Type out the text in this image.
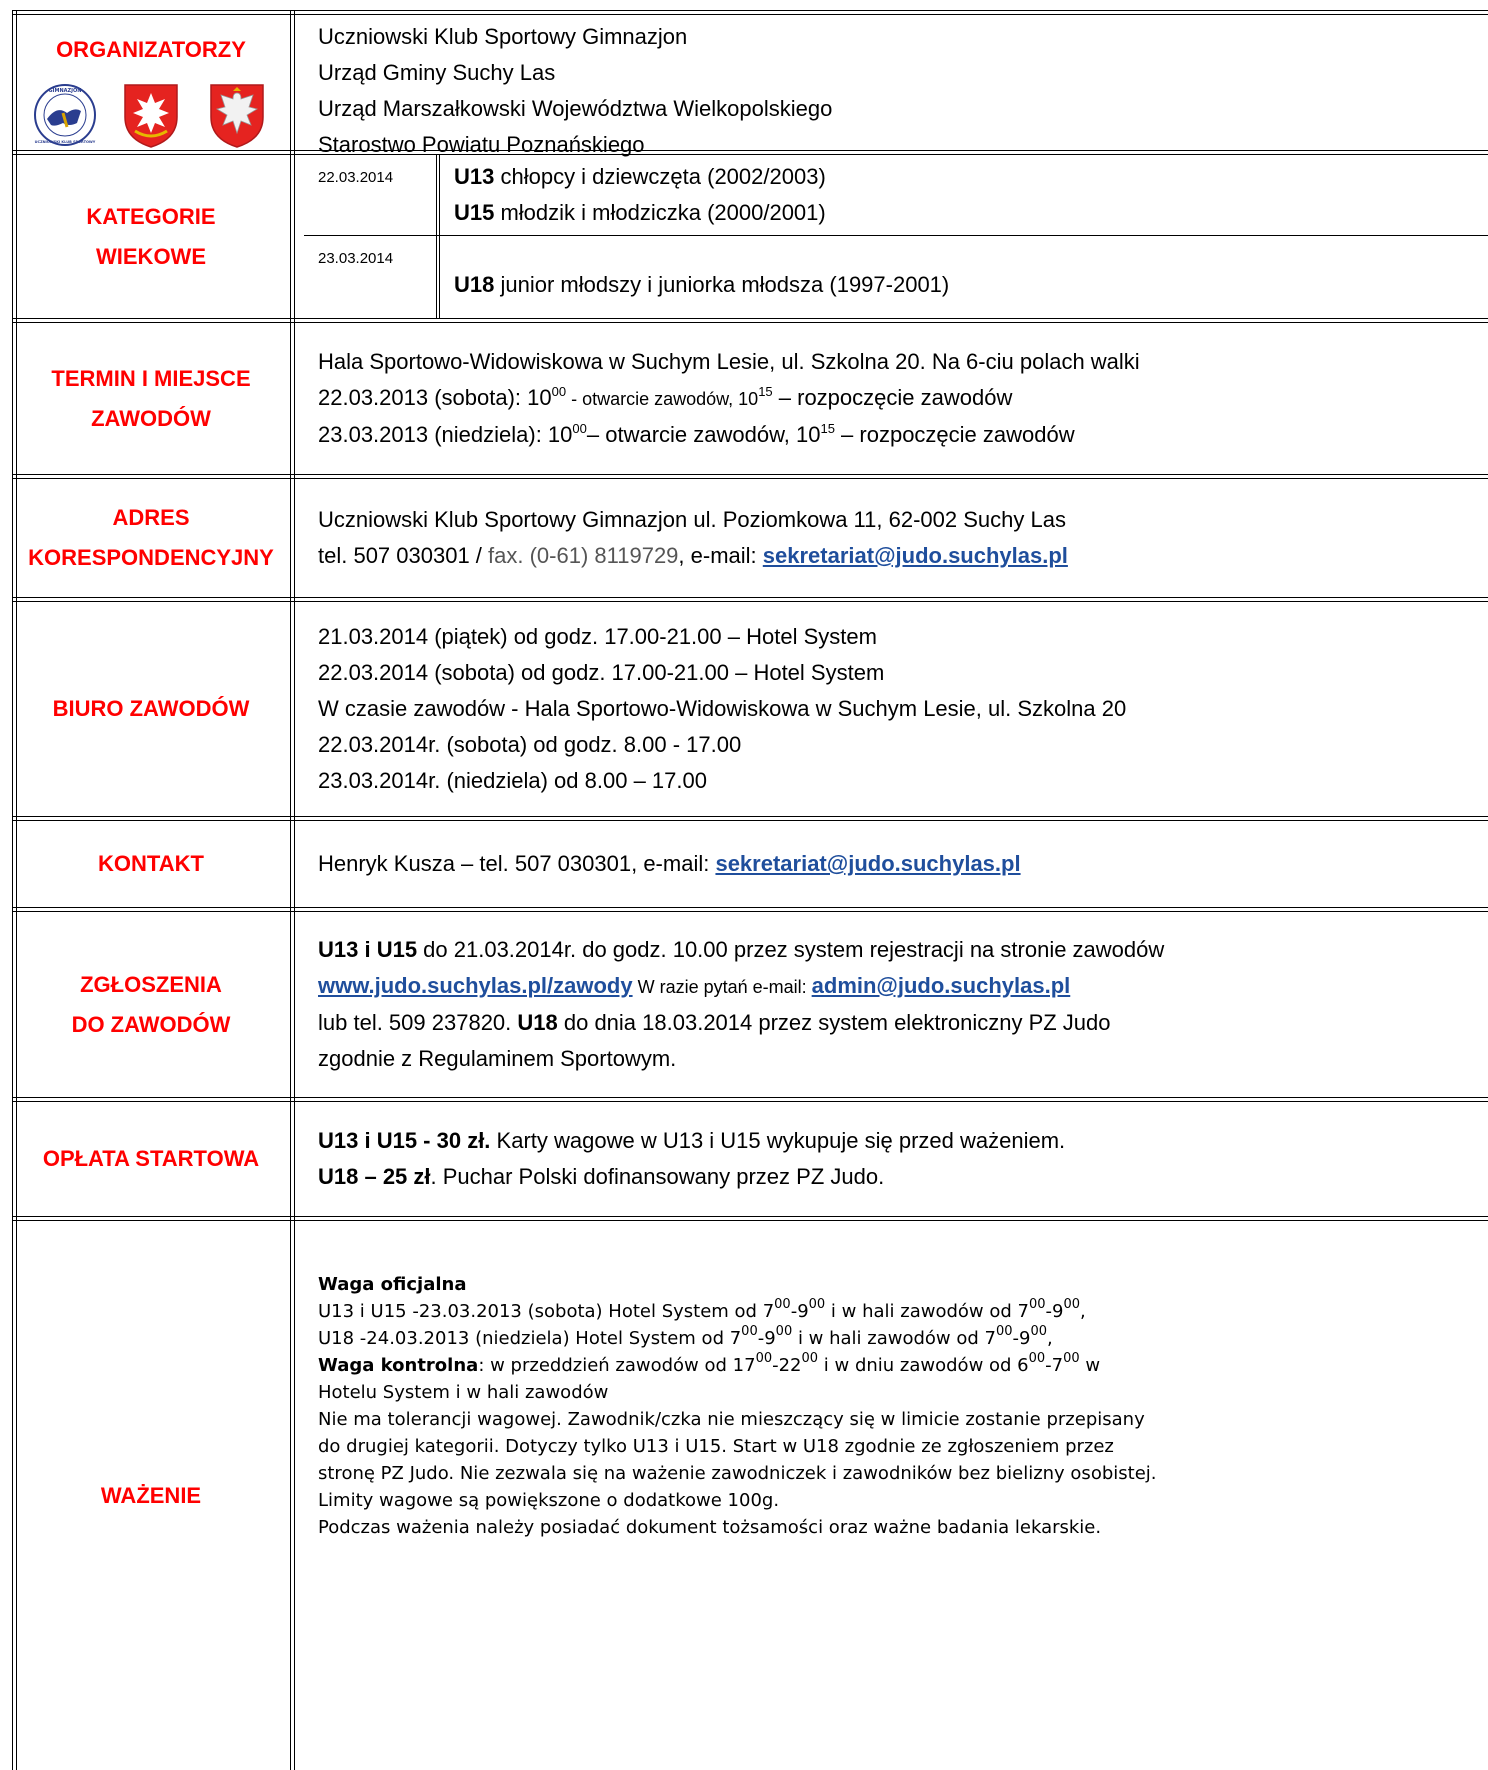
ORGANIZATORZY
GIMNAZJON
UCZNIOWSKI KLUB SPORTOWY
Uczniowski Klub Sportowy Gimnazjon
Urząd Gminy Suchy Las
Urząd Marszałkowski Województwa Wielkopolskiego
Starostwo Powiatu Poznańskiego
KATEGORIE
WIEKOWE
22.03.2014	U13 chłopcy i dziewczęta (2002/2003)
U15 młodzik i młodziczka (2000/2001)
23.03.2014
U18 junior młodszy i juniorka młodsza (1997-2001)
TERMIN I MIEJSCE
ZAWODÓW
Hala Sportowo-Widowiskowa w Suchym Lesie, ul. Szkolna 20. Na 6-ciu polach walki
22.03.2013 (sobota): $10^{00}$ - otwarcie zawodów, $10^{15}$ – rozpoczęcie zawodów
23.03.2013 (niedziela): $10^{00}-$ otwarcie zawodów, $10^{15}$ – rozpoczęcie zawodów
ADRES
KORESPONDENCYJNY
Uczniowski Klub Sportowy Gimnazjon ul. Poziomkowa 11, 62-002 Suchy Las
tel. 507 030301 / fax. (0-61) 8119729, e-mail: sekretariat@judo.suchylas.pl
BIURO ZAWODÓW
21.03.2014 (piątek) od godz. 17.00-21.00 – Hotel System
22.03.2014 (sobota) od godz. 17.00-21.00 – Hotel System
W czasie zawodów - Hala Sportowo-Widowiskowa w Suchym Lesie, ul. Szkolna 20
22.03.2014r. (sobota) od godz. 8.00 - 17.00
23.03.2014r. (niedziela) od 8.00 – 17.00
KONTAKT	Henryk Kusza – tel. 507 030301, e-mail: sekretariat@judo.suchylas.pl
ZGŁOSZENIA
DO ZAWODÓW
U13 i U15 do 21.03.2014r. do godz. 10.00 przez system rejestracji na stronie zawodów
www.judo.suchylas.pl/zawody W razie pytań e-mail: admin@judo.suchylas.pl
lub tel. 509 237820. U18 do dnia 18.03.2014 przez system elektroniczny PZ Judo
zgodnie z Regulaminem Sportowym.
OPŁATA STARTOWA
U13 i U15 - 30 zł. Karty wagowe w U13 i U15 wykupuje się przed ważeniem.
U18 – 25 zł. Puchar Polski dofinansowany przez PZ Judo.
WAŻENIE
Waga oficjalna
U13 i U15 -23.03.2013 (sobota) Hotel System od $7^{00}-9^{00}$ i w hali zawodów od $7^{00}-9^{00}$,
U18 -24.03.2013 (niedziela) Hotel System od $7^{00}-9^{00}$ i w hali zawodów od $7^{00}-9^{00}$,
Waga kontrolna: w przeddzień zawodów od $17^{00}-22^{00}$ i w dniu zawodów od $6^{00}-7^{00}$ w
Hotelu System i w hali zawodów
Nie ma tolerancji wagowej. Zawodnik/czka nie mieszczący się w limicie zostanie przepisany
do drugiej kategorii. Dotyczy tylko U13 i U15. Start w U18 zgodnie ze zgłoszeniem przez
stronę PZ Judo. Nie zezwala się na ważenie zawodniczek i zawodników bez bielizny osobistej.
Limity wagowe są powiększone o dodatkowe 100g.
Podczas ważenia należy posiadać dokument tożsamości oraz ważne badania lekarskie.
